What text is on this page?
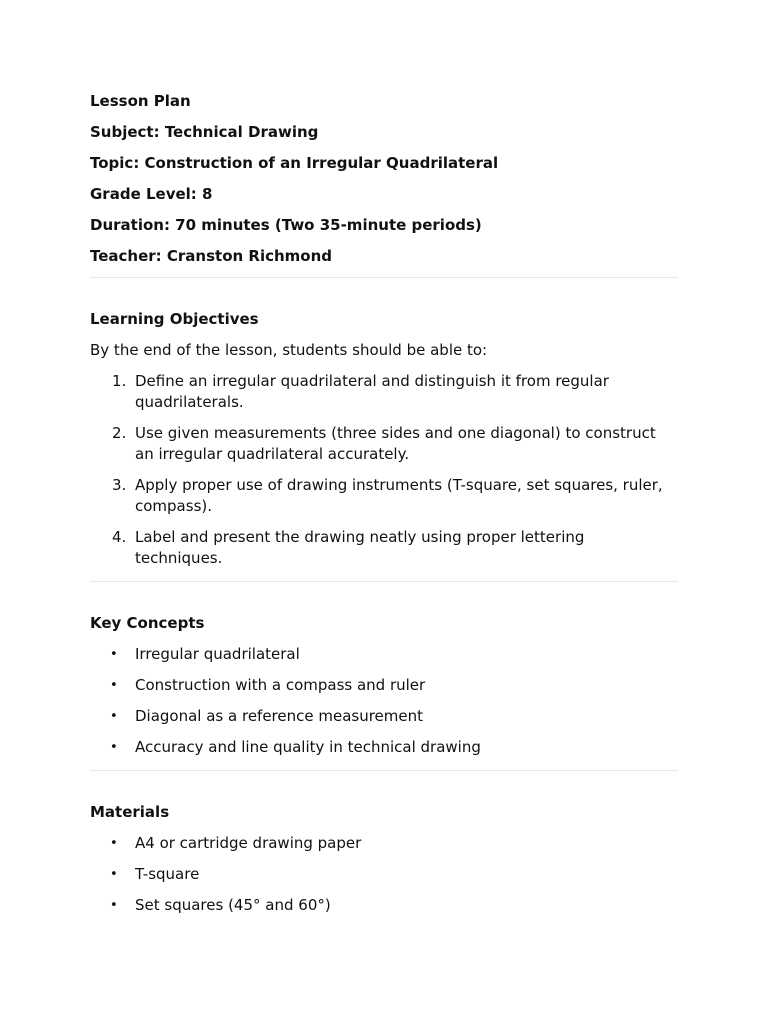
Lesson Plan

Subject: Technical Drawing

Topic: Construction of an Irregular Quadrilateral

Grade Level: 8

Duration: 70 minutes (Two 35-minute periods)

Teacher: Cranston Richmond

Learning Objectives

By the end of the lesson, students should be able to:

1. Define an irregular quadrilateral and distinguish it from regular
quadrilaterals.
2. Use given measurements (three sides and one diagonal) to construct
an irregular quadrilateral accurately.
3. Apply proper use of drawing instruments (T-square, set squares, ruler,
compass).
4. Label and present the drawing neatly using proper lettering
techniques.

Key Concepts

• Irregular quadrilateral
• Construction with a compass and ruler
• Diagonal as a reference measurement
• Accuracy and line quality in technical drawing

Materials

• A4 or cartridge drawing paper
• T-square
• Set squares (45° and 60°)
